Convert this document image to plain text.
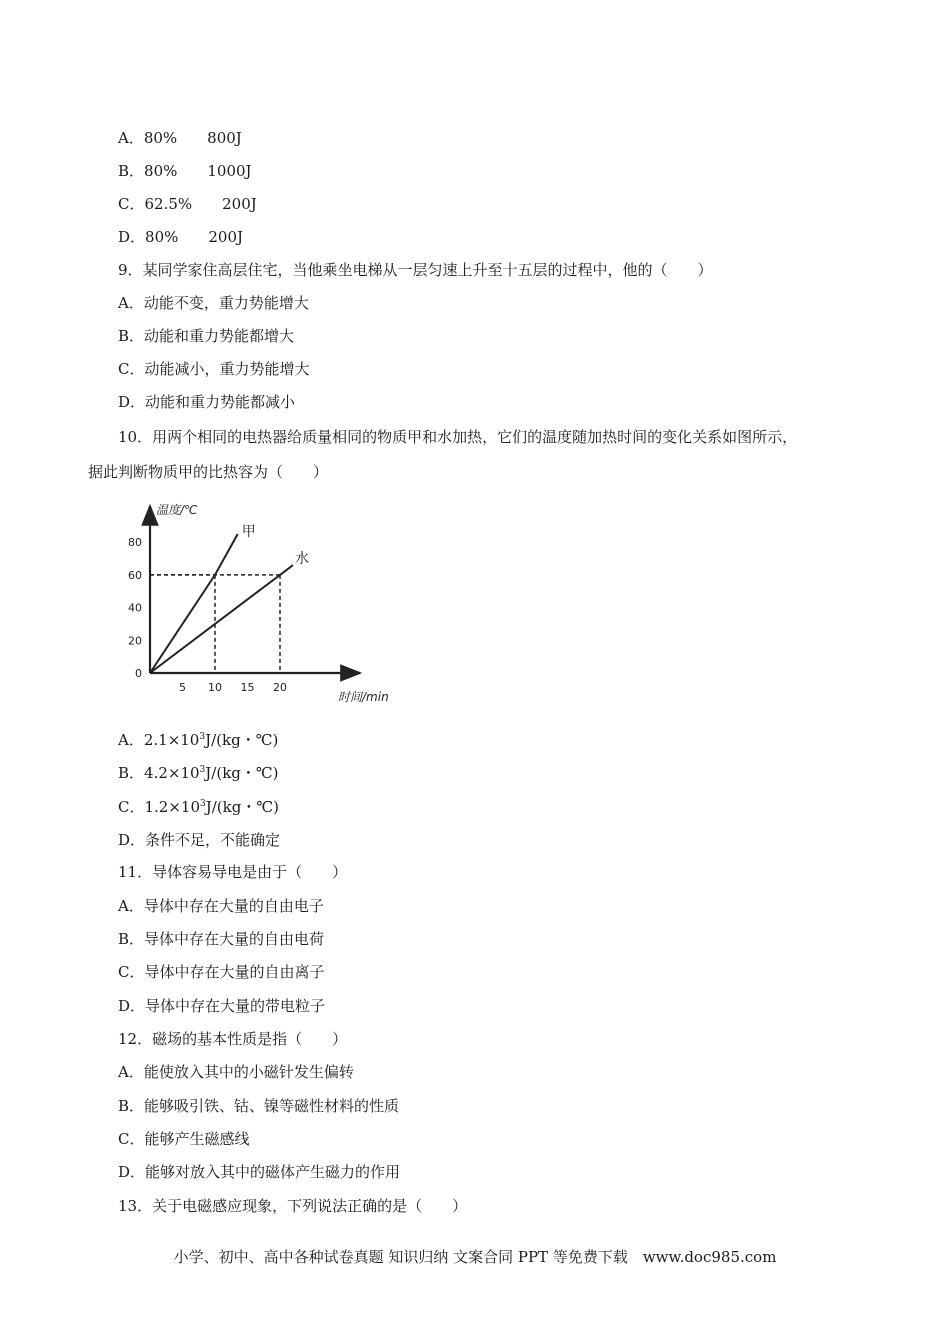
A．80%　　800J
B．80%　　1000J
C．62.5%　　200J
D．80%　　200J
9．某同学家住高层住宅，当他乘坐电梯从一层匀速上升至十五层的过程中，他的（　　）
A．动能不变，重力势能增大
B．动能和重力势能都增大
C．动能减小，重力势能增大
D．动能和重力势能都减小
10．用两个相同的电热器给质量相同的物质甲和水加热，它们的温度随加热时间的变化关系如图所示，
据此判断物质甲的比热容为（　　）
5 10 15 20
0
20
40
60
80
甲
水
温度/℃
时间/min
A．$2.1\times 10^3J/(kg$・℃)
B．$4.2\times 10^3J/(kg$・℃)
C．$1.2\times 10^3J/(kg$・℃)
D．条件不足，不能确定
11．导体容易导电是由于（　　）
A．导体中存在大量的自由电子
B．导体中存在大量的自由电荷
C．导体中存在大量的自由离子
D．导体中存在大量的带电粒子
12．磁场的基本性质是指（　　）
A．能使放入其中的小磁针发生偏转
B．能够吸引铁、钴、镍等磁性材料的性质
C．能够产生磁感线
D．能够对放入其中的磁体产生磁力的作用
13．关于电磁感应现象，下列说法正确的是（　　）
小学、初中、高中各种试卷真题 知识归纳 文案合同 PPT 等免费下载　www.doc985.com
